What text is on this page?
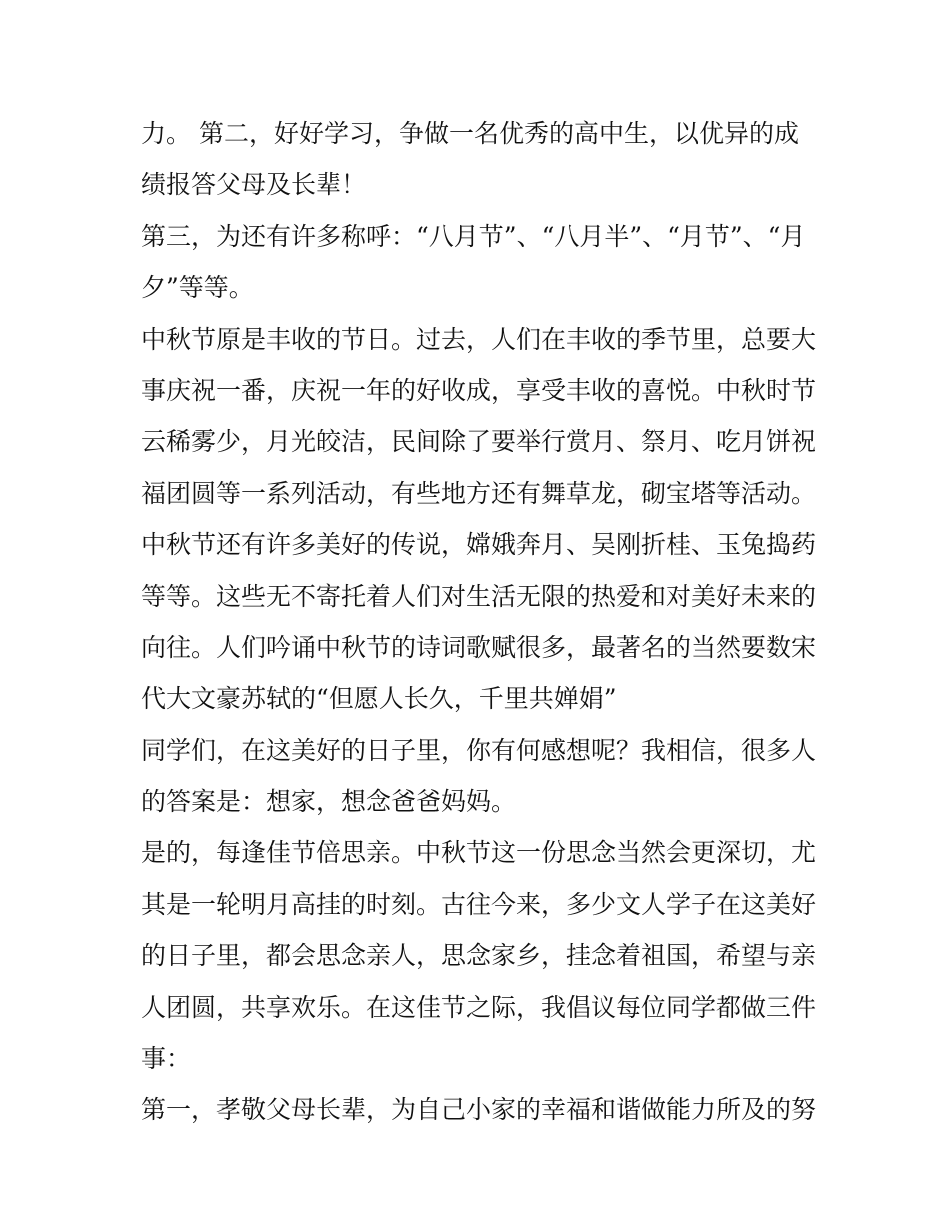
力。 第二，好好学习，争做一名优秀的高中生，以优异的成
绩报答父母及长辈！
第三，为还有许多称呼：“八月节”、“八月半”、“月节”、“月
夕”等等。
中秋节原是丰收的节日。过去，人们在丰收的季节里，总要大
事庆祝一番，庆祝一年的好收成，享受丰收的喜悦。中秋时节
云稀雾少，月光皎洁，民间除了要举行赏月、祭月、吃月饼祝
福团圆等一系列活动，有些地方还有舞草龙，砌宝塔等活动。
中秋节还有许多美好的传说，嫦娥奔月、吴刚折桂、玉兔捣药
等等。这些无不寄托着人们对生活无限的热爱和对美好未来的
向往。人们吟诵中秋节的诗词歌赋很多，最著名的当然要数宋
代大文豪苏轼的“但愿人长久，千里共婵娟”
同学们，在这美好的日子里，你有何感想呢？我相信，很多人
的答案是：想家，想念爸爸妈妈。
是的，每逢佳节倍思亲。中秋节这一份思念当然会更深切，尤
其是一轮明月高挂的时刻。古往今来，多少文人学子在这美好
的日子里，都会思念亲人，思念家乡，挂念着祖国，希望与亲
人团圆，共享欢乐。在这佳节之际，我倡议每位同学都做三件
事：
第一，孝敬父母长辈，为自己小家的幸福和谐做能力所及的努
